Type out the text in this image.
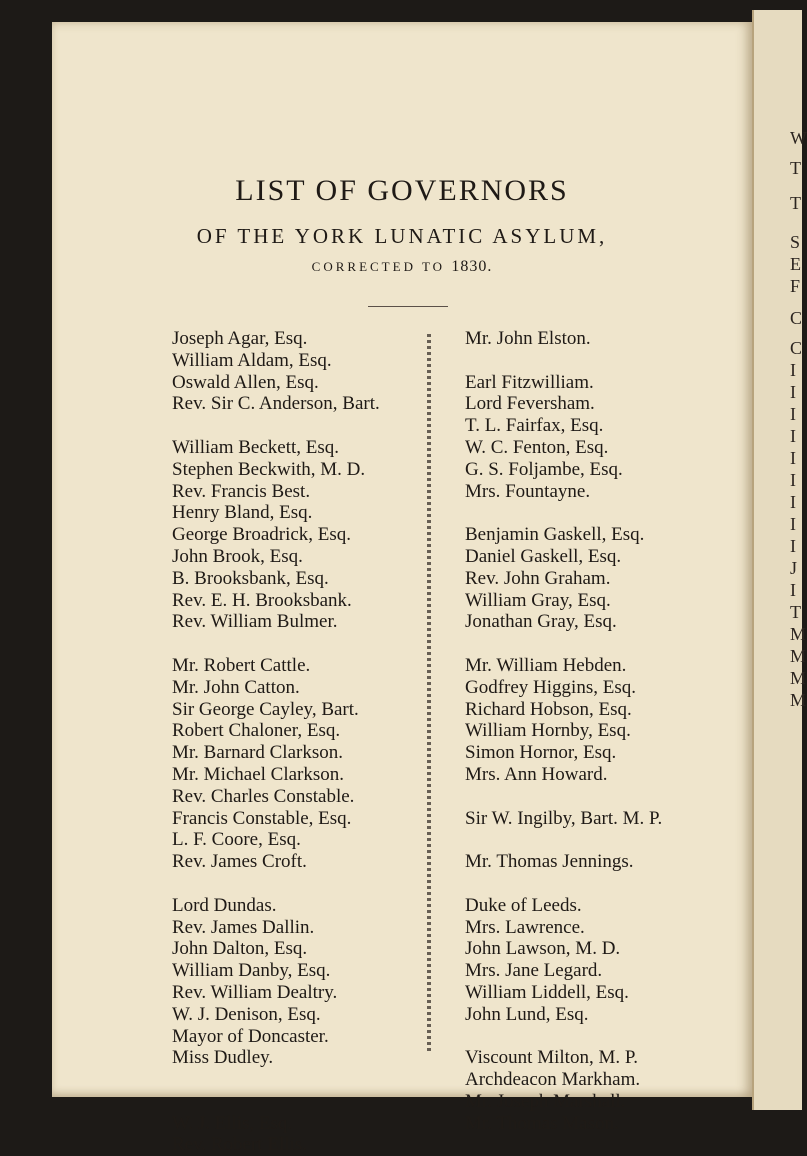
LIST OF GOVERNORS
OF THE YORK LUNATIC ASYLUM,
CORRECTED TO 1830.
Joseph Agar, Esq.
William Aldam, Esq.
Oswald Allen, Esq.
Rev. Sir C. Anderson, Bart.
William Beckett, Esq.
Stephen Beckwith, M. D.
Rev. Francis Best.
Henry Bland, Esq.
George Broadrick, Esq.
John Brook, Esq.
B. Brooksbank, Esq.
Rev. E. H. Brooksbank.
Rev. William Bulmer.
Mr. Robert Cattle.
Mr. John Catton.
Sir George Cayley, Bart.
Robert Chaloner, Esq.
Mr. Barnard Clarkson.
Mr. Michael Clarkson.
Rev. Charles Constable.
Francis Constable, Esq.
L. F. Coore, Esq.
Rev. James Croft.
Lord Dundas.
Rev. James Dallin.
John Dalton, Esq.
William Danby, Esq.
Rev. William Dealtry.
W. J. Denison, Esq.
Mayor of Doncaster.
Miss Dudley.
W. J. Ellis, Esq.
Rev. Robert Ellis.
Mr. John Elston.
Earl Fitzwilliam.
Lord Feversham.
T. L. Fairfax, Esq.
W. C. Fenton, Esq.
G. S. Foljambe, Esq.
Mrs. Fountayne.
Benjamin Gaskell, Esq.
Daniel Gaskell, Esq.
Rev. John Graham.
William Gray, Esq.
Jonathan Gray, Esq.
Mr. William Hebden.
Godfrey Higgins, Esq.
Richard Hobson, Esq.
William Hornby, Esq.
Simon Hornor, Esq.
Mrs. Ann Howard.
Sir W. Ingilby, Bart. M. P.
Mr. Thomas Jennings.
Duke of Leeds.
Mrs. Lawrence.
John Lawson, M. D.
Mrs. Jane Legard.
William Liddell, Esq.
John Lund, Esq.
Viscount Milton, M. P.
Archdeacon Markham.
Mr. Joseph Marshall.
Mr. Thomas Mason.
W
T
T
S
E
F
C
C
I
I
I
I
I
I
I
I
I
J
I
T
M
M
M
M
